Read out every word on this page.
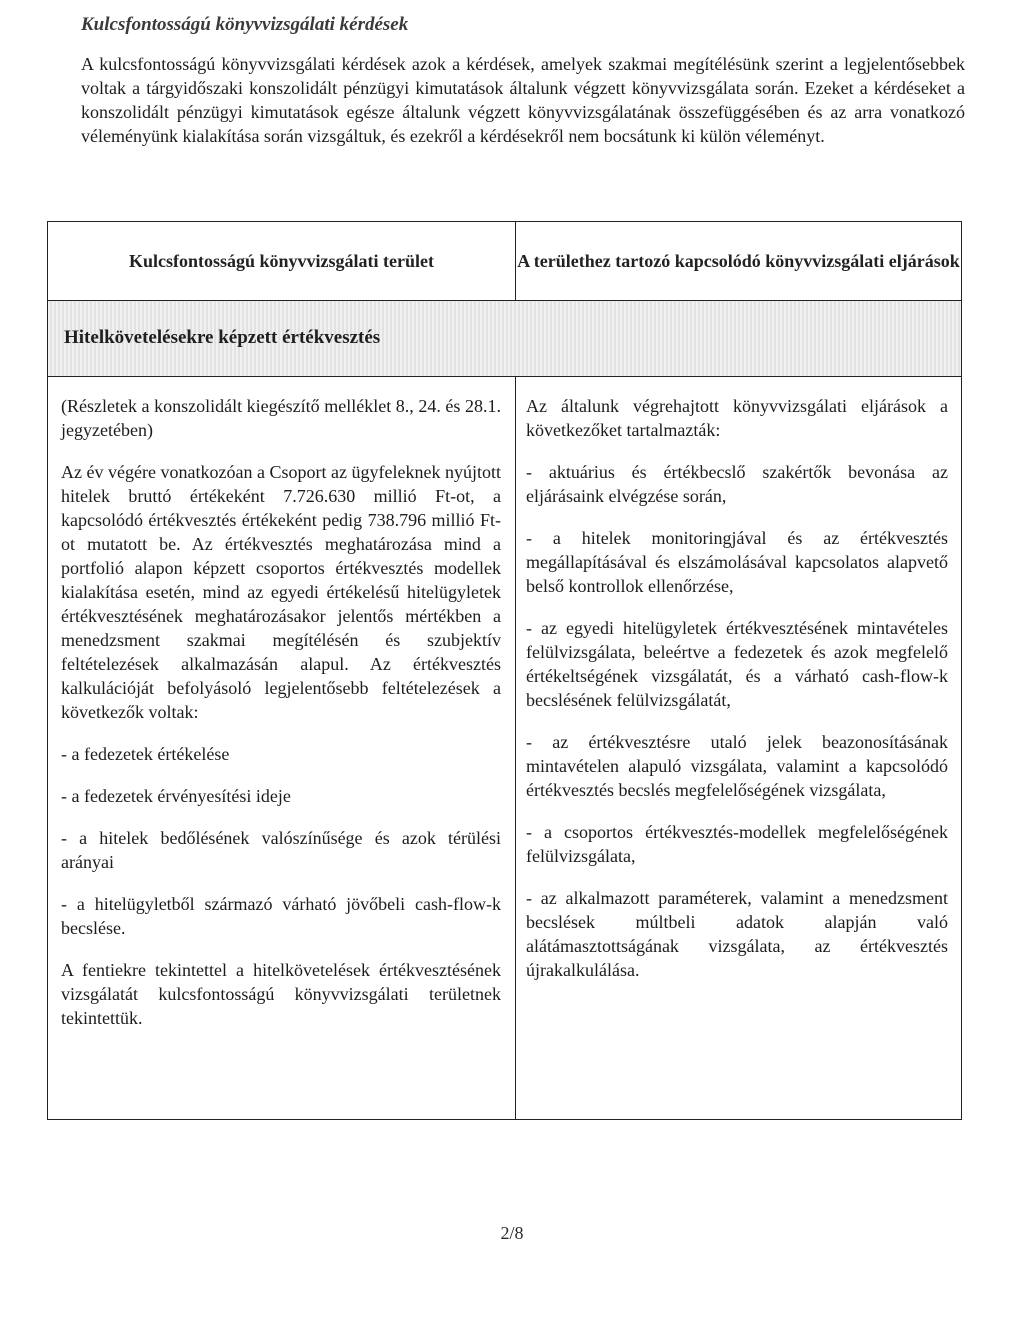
Kulcsfontosságú könyvvizsgálati kérdések

A kulcsfontosságú könyvvizsgálati kérdések azok a kérdések, amelyek szakmai megítélésünk szerint a legjelentősebbek voltak a tárgyidőszaki konszolidált pénzügyi kimutatások általunk végzett könyvvizsgálata során. Ezeket a kérdéseket a konszolidált pénzügyi kimutatások egésze általunk végzett könyvvizsgálatának összefüggésében és az arra vonatkozó véleményünk kialakítása során vizsgáltuk, és ezekről a kérdésekről nem bocsátunk ki külön véleményt.

Kulcsfontosságú könyvvizsgálati terület	A területhez tartozó kapcsolódó könyvvizsgálati eljárások
Hitelkövetelésekre képzett értékvesztés

(Részletek a konszolidált kiegészítő melléklet 8., 24. és 28.1. jegyzetében)

Az év végére vonatkozóan a Csoport az ügyfeleknek nyújtott hitelek bruttó értékeként 7.726.630 millió Ft-ot, a kapcsolódó értékvesztés értékeként pedig 738.796 millió Ft-ot mutatott be. Az értékvesztés meghatározása mind a portfolió alapon képzett csoportos értékvesztés modellek kialakítása esetén, mind az egyedi értékelésű hitelügyletek értékvesztésének meghatározásakor jelentős mértékben a menedzsment szakmai megítélésén és szubjektív feltételezések alkalmazásán alapul. Az értékvesztés kalkulációját befolyásoló legjelentősebb feltételezések a következők voltak:

- a fedezetek értékelése

- a fedezetek érvényesítési ideje

- a hitelek bedőlésének valószínűsége és azok térülési arányai

- a hitelügyletből származó várható jövőbeli cash-flow-k becslése.

A fentiekre tekintettel a hitelkövetelések értékvesztésének vizsgálatát kulcsfontosságú könyvvizsgálati területnek tekintettük.

Az általunk végrehajtott könyvvizsgálati eljárások a következőket tartalmazták:

- aktuárius és értékbecslő szakértők bevonása az eljárásaink elvégzése során,

- a hitelek monitoringjával és az értékvesztés megállapításával és elszámolásával kapcsolatos alapvető belső kontrollok ellenőrzése,

- az egyedi hitelügyletek értékvesztésének mintavételes felülvizsgálata, beleértve a fedezetek és azok megfelelő értékeltségének vizsgálatát, és a várható cash-flow-k becslésének felülvizsgálatát,

- az értékvesztésre utaló jelek beazonosításának mintavételen alapuló vizsgálata, valamint a kapcsolódó értékvesztés becslés megfelelőségének vizsgálata,

- a csoportos értékvesztés-modellek megfelelőségének felülvizsgálata,

- az alkalmazott paraméterek, valamint a menedzsment becslések múltbeli adatok alapján való alátámasztottságának vizsgálata, az értékvesztés újrakalkulálása.

2/8
